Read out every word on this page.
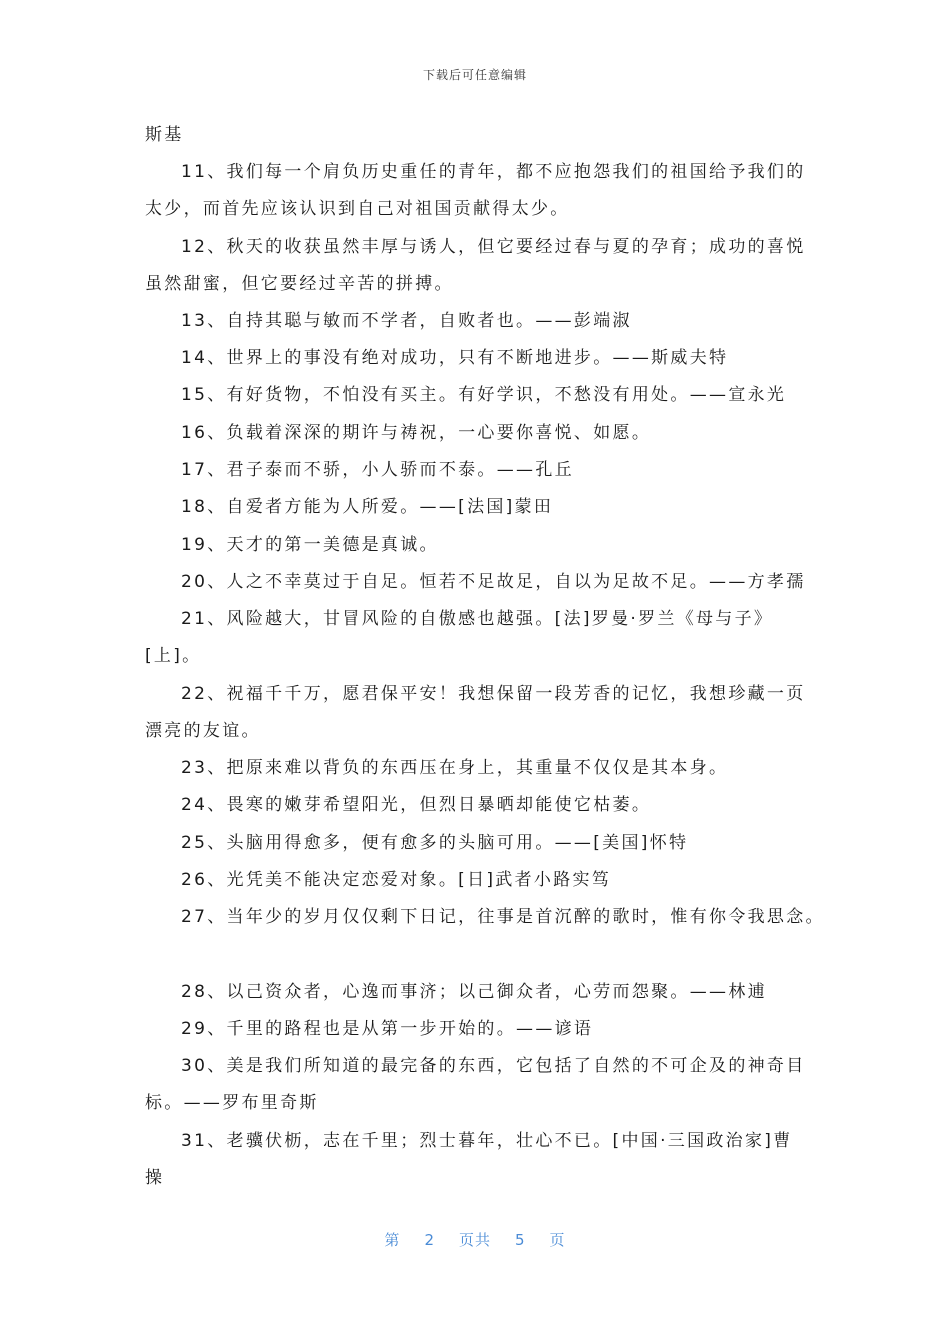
下载后可任意编辑
斯基
11、我们每一个肩负历史重任的青年，都不应抱怨我们的祖国给予我们的
太少，而首先应该认识到自己对祖国贡献得太少。
12、秋天的收获虽然丰厚与诱人，但它要经过春与夏的孕育；成功的喜悦
虽然甜蜜，但它要经过辛苦的拼搏。
13、自持其聪与敏而不学者，自败者也。——彭端淑
14、世界上的事没有绝对成功，只有不断地进步。——斯威夫特
15、有好货物，不怕没有买主。有好学识，不愁没有用处。——宣永光
16、负载着深深的期许与祷祝，一心要你喜悦、如愿。
17、君子泰而不骄，小人骄而不泰。——孔丘
18、自爱者方能为人所爱。——[法国]蒙田
19、天才的第一美德是真诚。
20、人之不幸莫过于自足。恒若不足故足，自以为足故不足。——方孝孺
21、风险越大，甘冒风险的自傲感也越强。[法]罗曼·罗兰《母与子》
[上]。
22、祝福千千万，愿君保平安！我想保留一段芳香的记忆，我想珍藏一页
漂亮的友谊。
23、把原来难以背负的东西压在身上，其重量不仅仅是其本身。
24、畏寒的嫩芽希望阳光，但烈日暴晒却能使它枯萎。
25、头脑用得愈多，便有愈多的头脑可用。——[美国]怀特
26、光凭美不能决定恋爱对象。[日]武者小路实笃
27、当年少的岁月仅仅剩下日记，往事是首沉醉的歌时，惟有你令我思念。
28、以己资众者，心逸而事济；以己御众者，心劳而怨聚。——林逋
29、千里的路程也是从第一步开始的。——谚语
30、美是我们所知道的最完备的东西，它包括了自然的不可企及的神奇目
标。——罗布里奇斯
31、老骥伏枥，志在千里；烈士暮年，壮心不已。[中国·三国政治家]曹
操
第 2 页共 5 页
